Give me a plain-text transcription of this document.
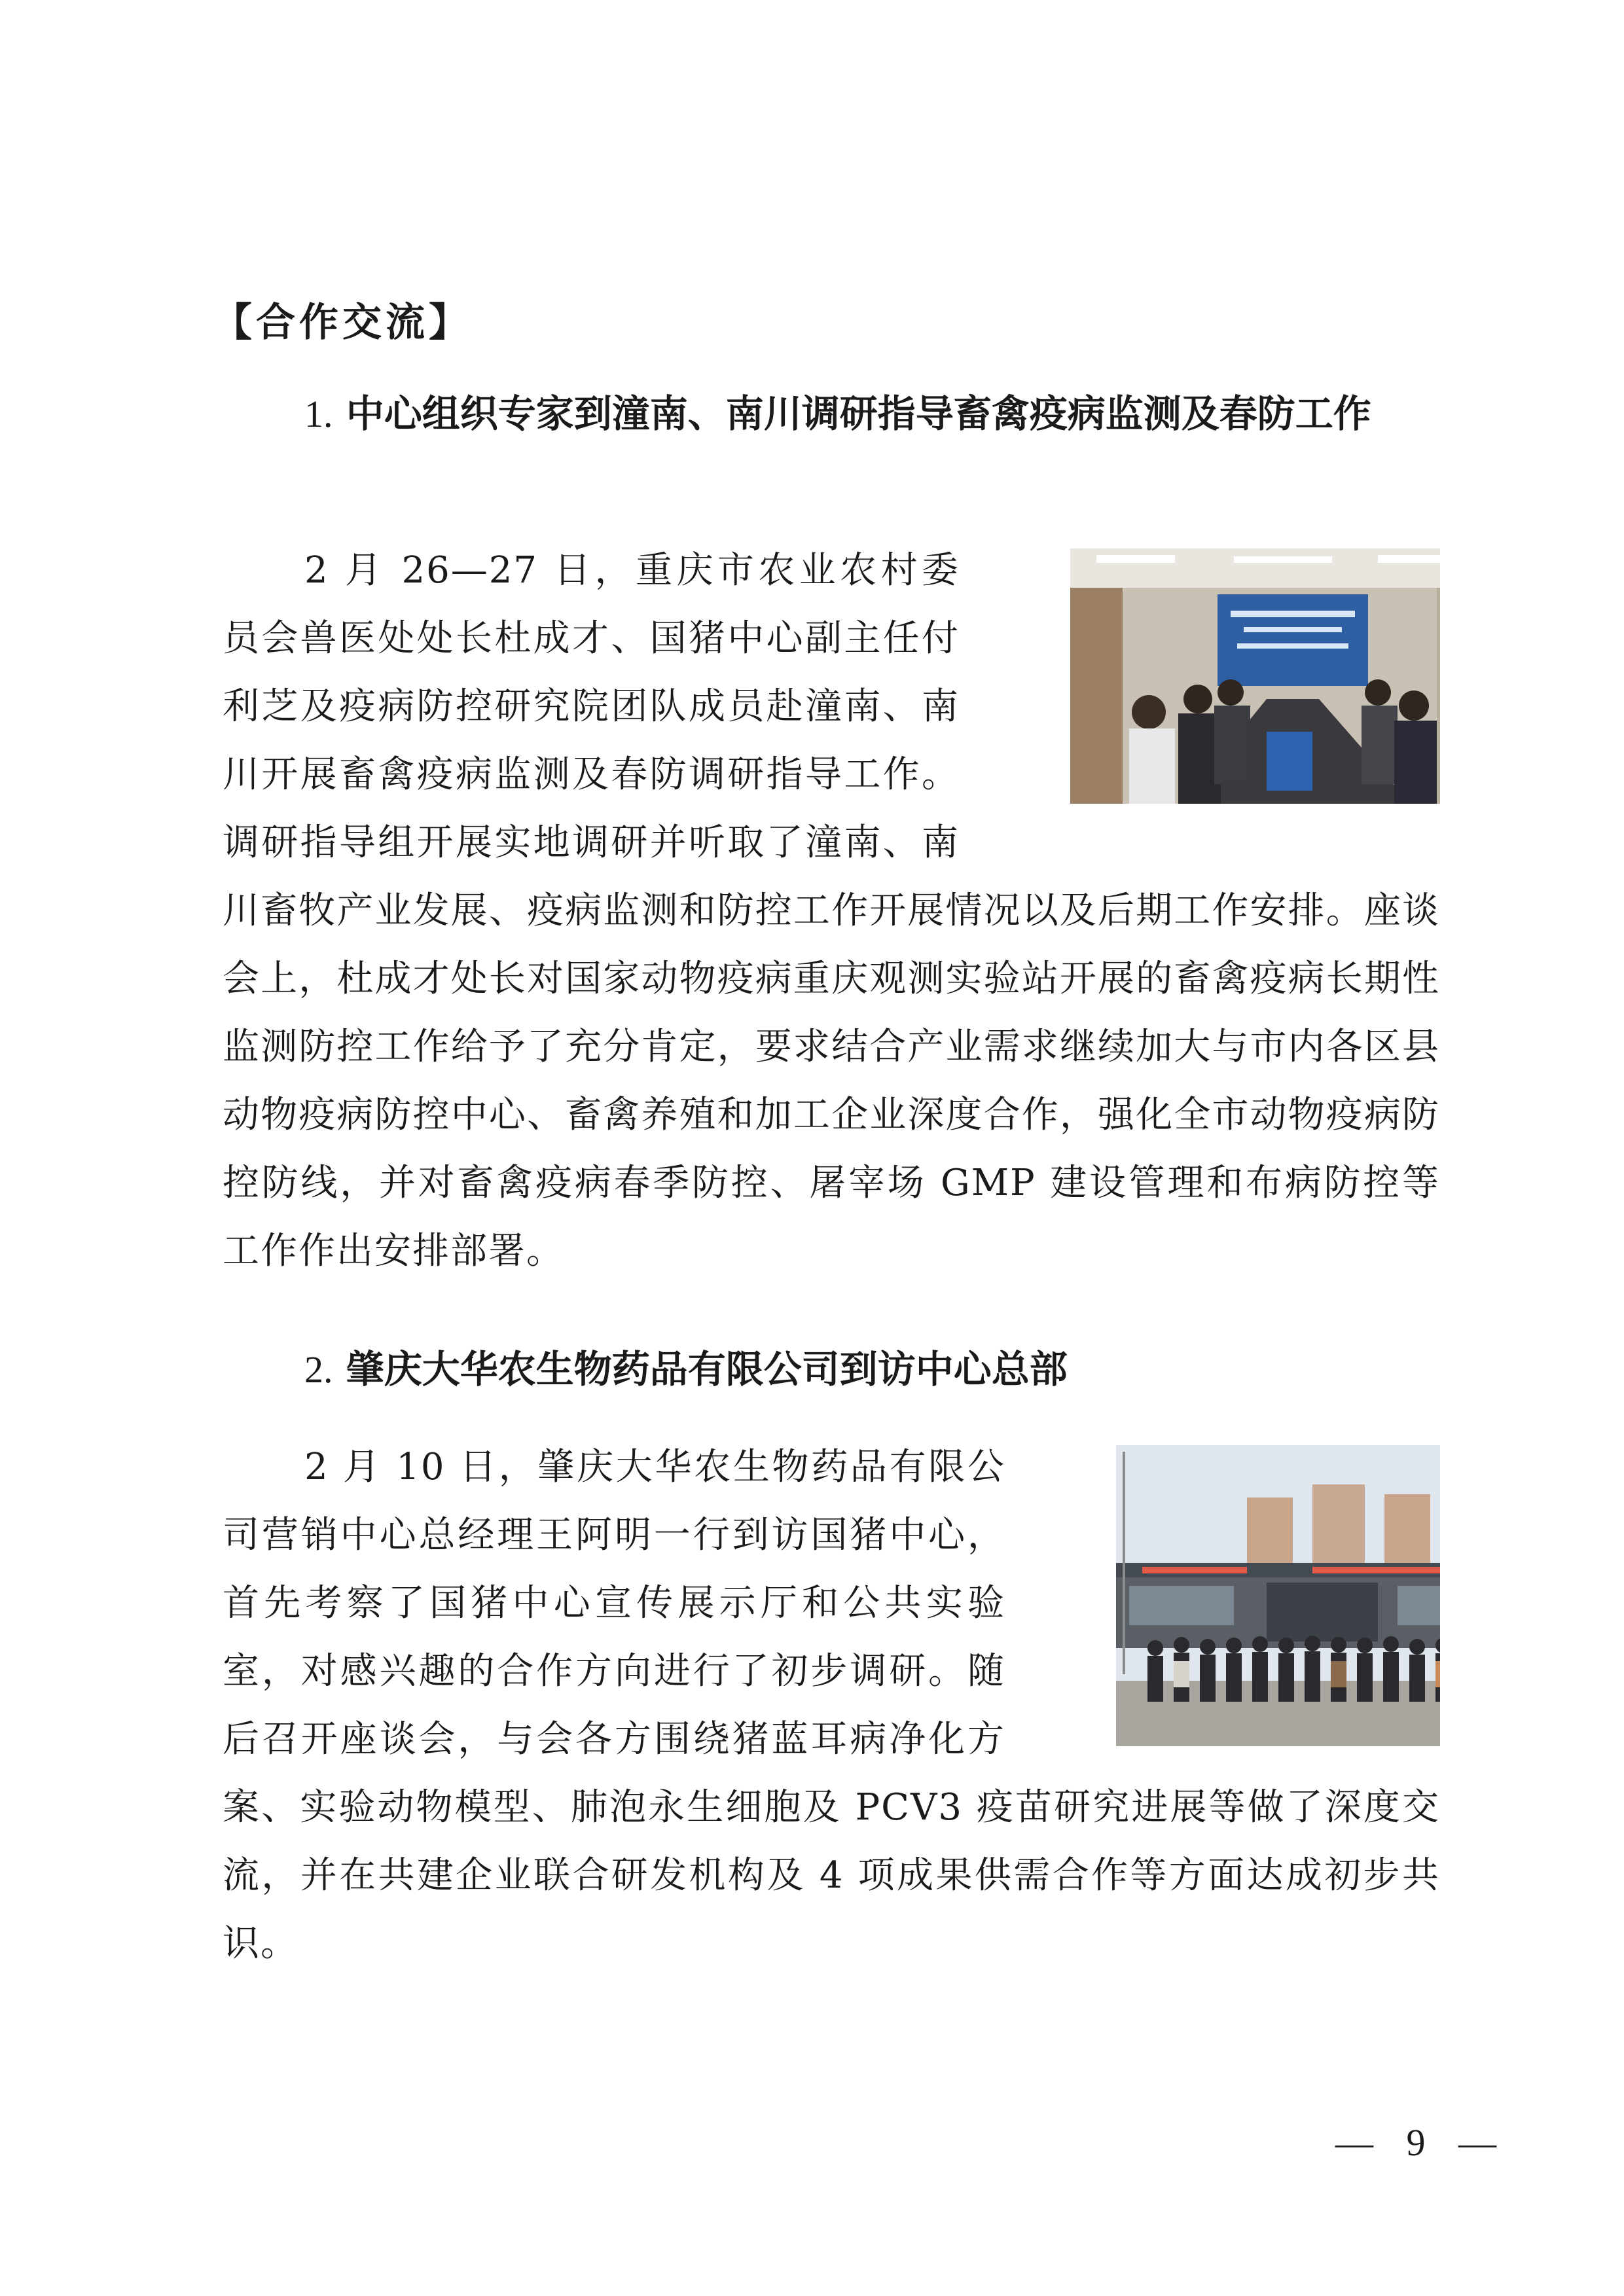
【合作交流】
1. 中心组织专家到潼南、南川调研指导畜禽疫病监测及春防工作
2 月 26—27 日，重庆市农业农村委员会兽医处处长杜成才、国猪中心副主任付利芝及疫病防控研究院团队成员赴潼南、南川开展畜禽疫病监测及春防调研指导工作。调研指导组开展实地调研并听取了潼南、南川畜牧产业发展、疫病监测和防控工作开展情况以及后期工作安排。座谈会上，杜成才处长对国家动物疫病重庆观测实验站开展的畜禽疫病长期性监测防控工作给予了充分肯定，要求结合产业需求继续加大与市内各区县动物疫病防控中心、畜禽养殖和加工企业深度合作，强化全市动物疫病防控防线，并对畜禽疫病春季防控、屠宰场 GMP 建设管理和布病防控等工作作出安排部署。
2. 肇庆大华农生物药品有限公司到访中心总部
2 月 10 日，肇庆大华农生物药品有限公司营销中心总经理王阿明一行到访国猪中心，首先考察了国猪中心宣传展示厅和公共实验室，对感兴趣的合作方向进行了初步调研。随后召开座谈会，与会各方围绕猪蓝耳病净化方案、实验动物模型、肺泡永生细胞及 PCV3 疫苗研究进展等做了深度交流，并在共建企业联合研发机构及 4 项成果供需合作等方面达成初步共识。
— 9 —
